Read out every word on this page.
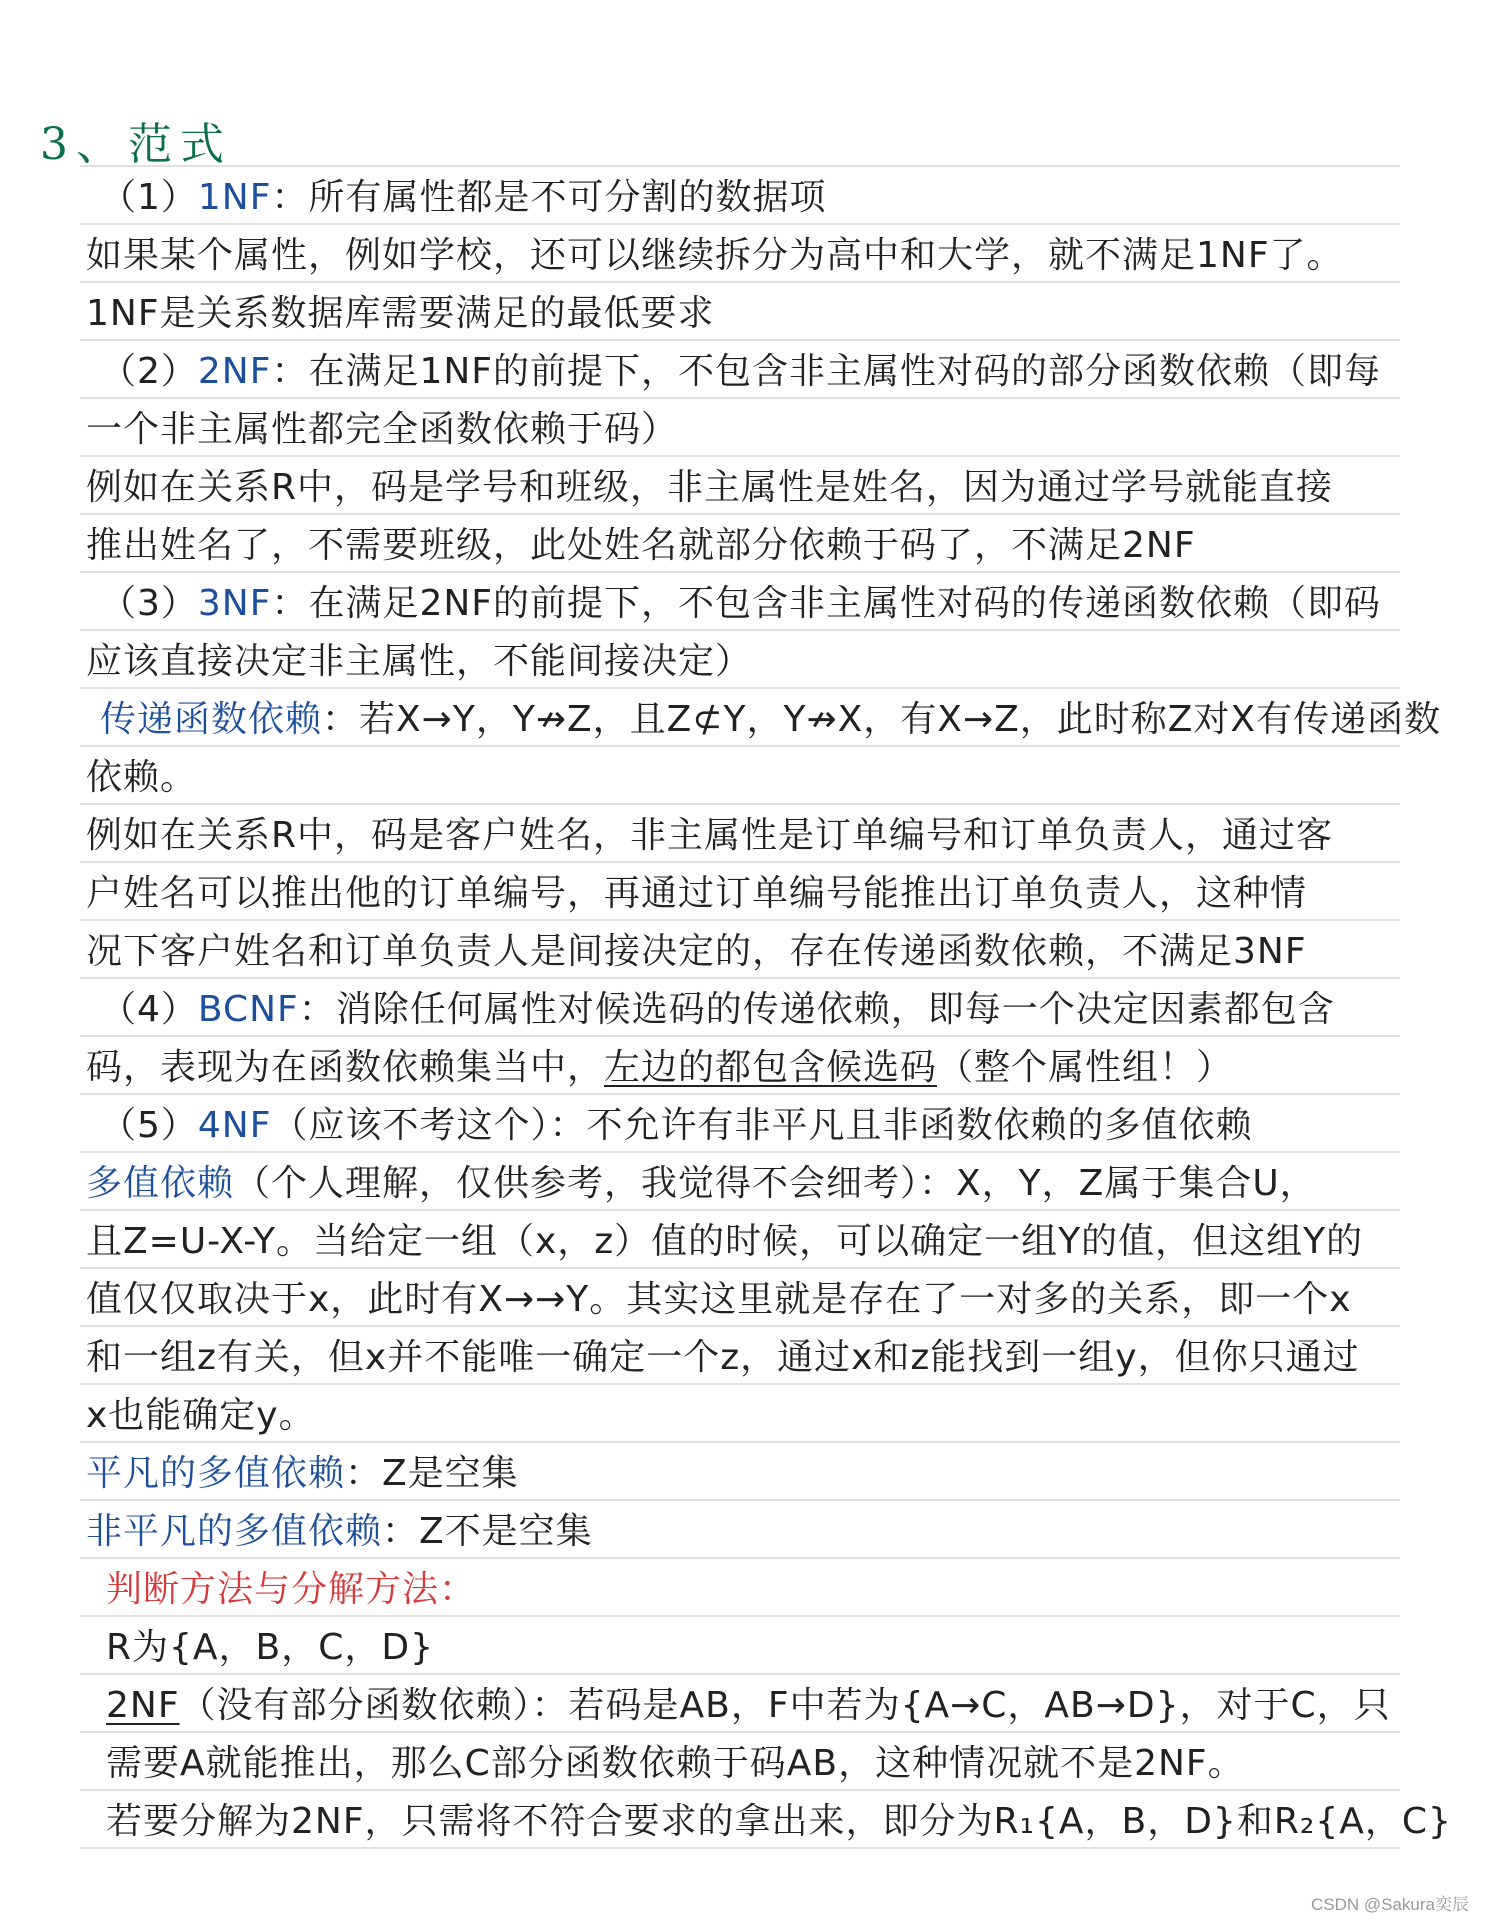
3、范式
（1）1NF：所有属性都是不可分割的数据项
如果某个属性，例如学校，还可以继续拆分为高中和大学，就不满足1NF了。
1NF是关系数据库需要满足的最低要求
（2）2NF：在满足1NF的前提下，不包含非主属性对码的部分函数依赖（即每
一个非主属性都完全函数依赖于码）
例如在关系R中，码是学号和班级，非主属性是姓名，因为通过学号就能直接
推出姓名了，不需要班级，此处姓名就部分依赖于码了，不满足2NF
（3）3NF：在满足2NF的前提下，不包含非主属性对码的传递函数依赖（即码
应该直接决定非主属性，不能间接决定）
传递函数依赖：若X→Y，Y↛Z，且Z⊄Y，Y↛X，有X→Z，此时称Z对X有传递函数
依赖。
例如在关系R中，码是客户姓名，非主属性是订单编号和订单负责人，通过客
户姓名可以推出他的订单编号，再通过订单编号能推出订单负责人，这种情
况下客户姓名和订单负责人是间接决定的，存在传递函数依赖，不满足3NF
（4）BCNF：消除任何属性对候选码的传递依赖，即每一个决定因素都包含
码，表现为在函数依赖集当中，左边的都包含候选码（整个属性组！）
（5）4NF（应该不考这个）：不允许有非平凡且非函数依赖的多值依赖
多值依赖（个人理解，仅供参考，我觉得不会细考）：X，Y，Z属于集合U，
且Z=U-X-Y。当给定一组（x，z）值的时候，可以确定一组Y的值，但这组Y的
值仅仅取决于x，此时有X→→Y。其实这里就是存在了一对多的关系，即一个x
和一组z有关，但x并不能唯一确定一个z，通过x和z能找到一组y，但你只通过
x也能确定y。
平凡的多值依赖：Z是空集
非平凡的多值依赖：Z不是空集
判断方法与分解方法：
R为{A，B，C，D}
2NF（没有部分函数依赖）：若码是AB，F中若为{A→C，AB→D}，对于C，只
需要A就能推出，那么C部分函数依赖于码AB，这种情况就不是2NF。
若要分解为2NF，只需将不符合要求的拿出来，即分为R₁{A，B，D}和R₂{A，C}
CSDN @Sakura奕辰
